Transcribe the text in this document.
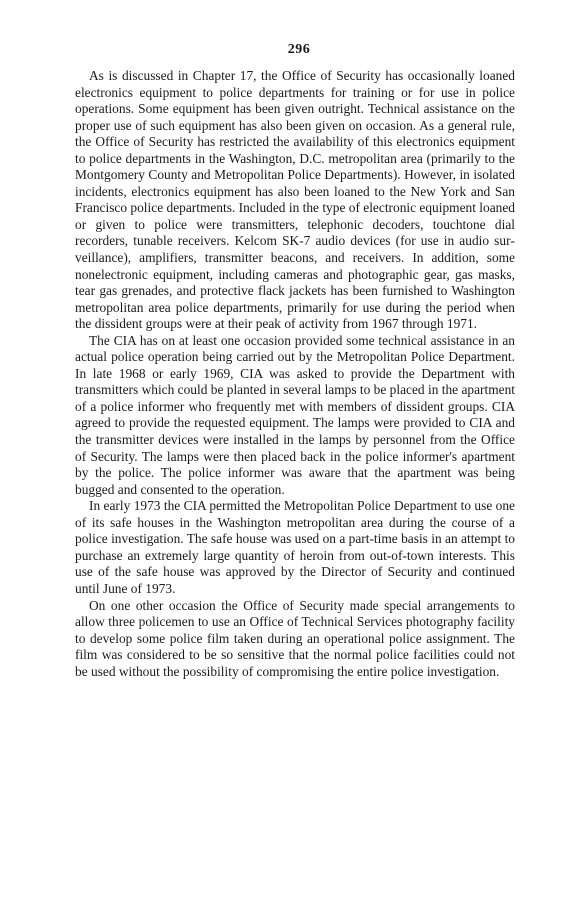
296

As is discussed in Chapter 17, the Office of Security has occasionally loaned electronics equipment to police departments for training or for use in police operations. Some equipment has been given outright. Technical assistance on the proper use of such equipment has also been given on occasion. As a general rule, the Office of Security has restricted the availability of this electronics equipment to police departments in the Washington, D.C. metropolitan area (primarily to the Montgomery County and Metropolitan Police Departments). However, in isolated incidents, electronics equipment has also been loaned to the New York and San Francisco police departments. Included in the type of electronic equipment loaned or given to police were transmitters, telephonic decoders, touchtone dial recorders, tunable receivers. Kelcom SK-7 audio devices (for use in audio surveillance), amplifiers, transmitter beacons, and receivers. In addition, some nonelectronic equipment, including cameras and photographic gear, gas masks, tear gas grenades, and protective flack jackets has been furnished to Washington metropolitan area police departments, primarily for use during the period when the dissident groups were at their peak of activity from 1967 through 1971.

The CIA has on at least one occasion provided some technical assistance in an actual police operation being carried out by the Metropolitan Police Department. In late 1968 or early 1969, CIA was asked to provide the Department with transmitters which could be planted in several lamps to be placed in the apartment of a police informer who frequently met with members of dissident groups. CIA agreed to provide the requested equipment. The lamps were provided to CIA and the transmitter devices were installed in the lamps by personnel from the Office of Security. The lamps were then placed back in the police informer's apartment by the police. The police informer was aware that the apartment was being bugged and consented to the operation.

In early 1973 the CIA permitted the Metropolitan Police Department to use one of its safe houses in the Washington metropolitan area during the course of a police investigation. The safe house was used on a part-time basis in an attempt to purchase an extremely large quantity of heroin from out-of-town interests. This use of the safe house was approved by the Director of Security and continued until June of 1973.

On one other occasion the Office of Security made special arrangements to allow three policemen to use an Office of Technical Services photography facility to develop some police film taken during an operational police assignment. The film was considered to be so sensitive that the normal police facilities could not be used without the possibility of compromising the entire police investigation.
